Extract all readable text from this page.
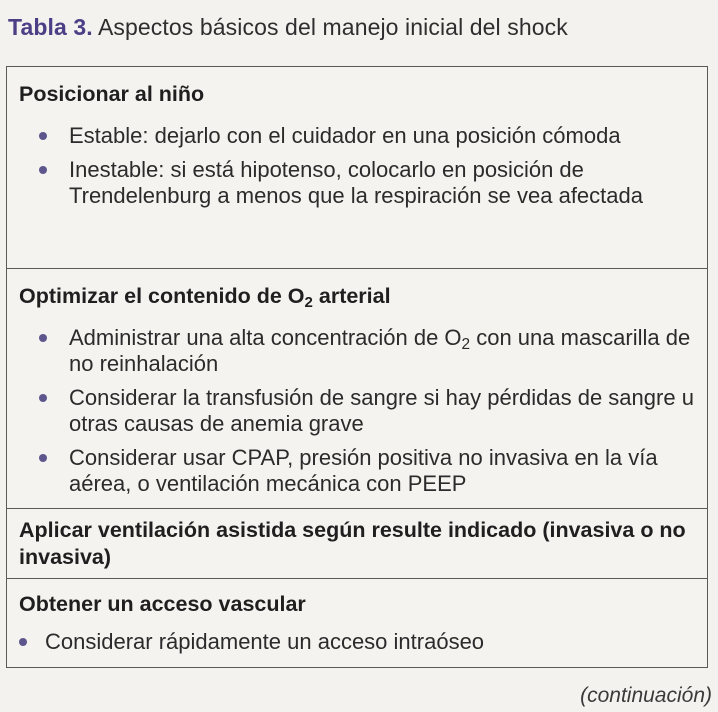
Tabla 3. Aspectos básicos del manejo inicial del shock
Posicionar al niño
Estable: dejarlo con el cuidador en una posición cómoda
Inestable: si está hipotenso, colocarlo en posición de Trendelenburg a menos que la respiración se vea afectada
Optimizar el contenido de $O_2$ arterial
Administrar una alta concentración de $O_2$ con una mascarilla de no reinhalación
Considerar la transfusión de sangre si hay pérdidas de sangre u otras causas de anemia grave
Considerar usar CPAP, presión positiva no invasiva en la vía aérea, o ventilación mecánica con PEEP
Aplicar ventilación asistida según resulte indicado (invasiva o no invasiva)
Obtener un acceso vascular
Considerar rápidamente un acceso intraóseo
(continuación)
